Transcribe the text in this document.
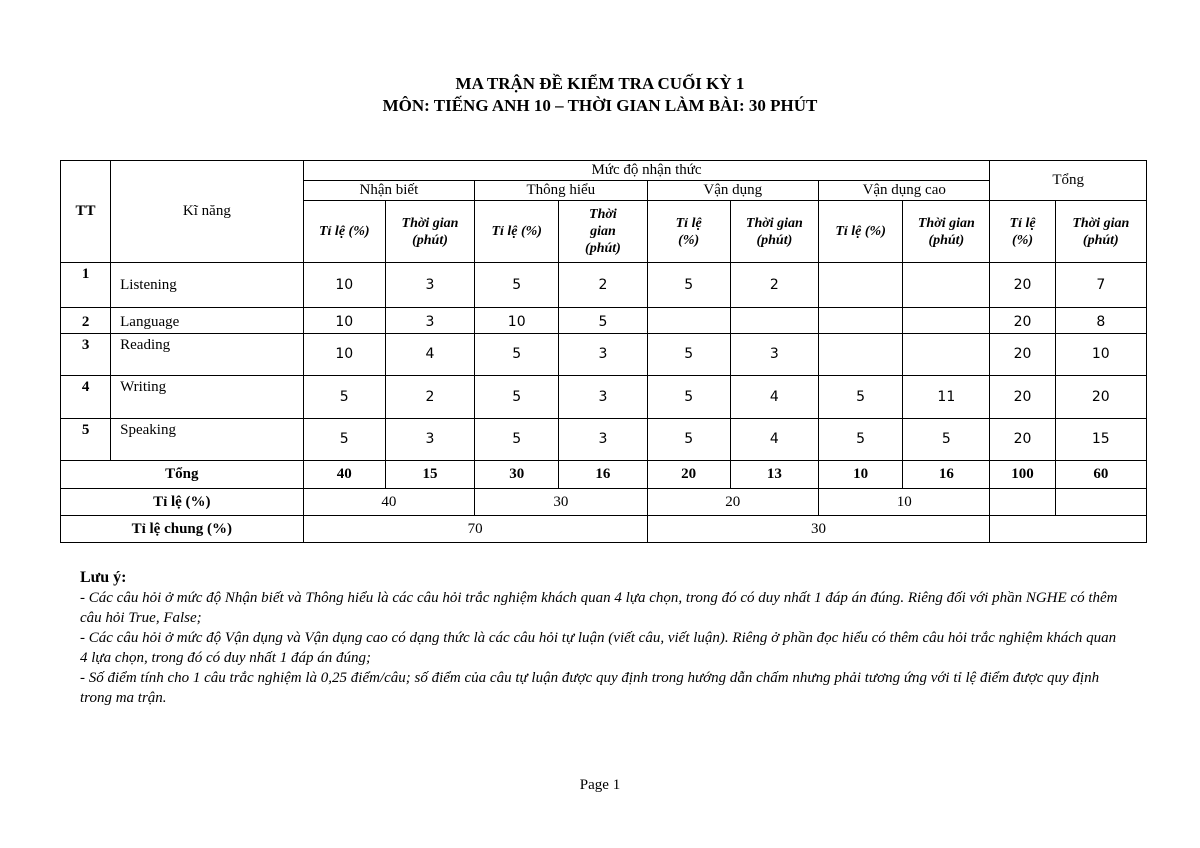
MA TRẬN ĐỀ KIỂM TRA CUỐI KỲ 1
MÔN: TIẾNG ANH 10 – THỜI GIAN LÀM BÀI: 30 PHÚT
TT	Kĩ năng	Mức độ nhận thức								Tổng	
		Nhận biết		Thông hiểu		Vận dụng		Vận dụng cao			
		Tỉ lệ (%)	Thời gian (phút)	Tỉ lệ (%)	Thời gian (phút)	Tỉ lệ (%)	Thời gian (phút)	Tỉ lệ (%)	Thời gian (phút)	Tỉ lệ (%)	Thời gian (phút)
1	Listening	10	3	5	2	5	2			20	7
2	Language	10	3	10	5					20	8
3	Reading	10	4	5	3	5	3			20	10
4	Writing	5	2	5	3	5	4	5	11	20	20
5	Speaking	5	3	5	3	5	4	5	5	20	15
Tổng		40	15	30	16	20	13	10	16	100	60
Tỉ lệ (%)		40		30		20		10			
Tỉ lệ chung (%)		70				30					
Lưu ý:
- Các câu hỏi ở mức độ Nhận biết và Thông hiểu là các câu hỏi trắc nghiệm khách quan 4 lựa chọn, trong đó có duy nhất 1 đáp án đúng. Riêng đối với phần NGHE có thêm câu hỏi True, False;
- Các câu hỏi ở mức độ Vận dụng và Vận dụng cao có dạng thức là các câu hỏi tự luận (viết câu, viết luận). Riêng ở phần đọc hiểu có thêm câu hỏi trắc nghiệm khách quan 4 lựa chọn, trong đó có duy nhất 1 đáp án đúng;
- Số điểm tính cho 1 câu trắc nghiệm là 0,25 điểm/câu; số điểm của câu tự luận được quy định trong hướng dẫn chấm nhưng phải tương ứng với tỉ lệ điểm được quy định trong ma trận.
Page 1
